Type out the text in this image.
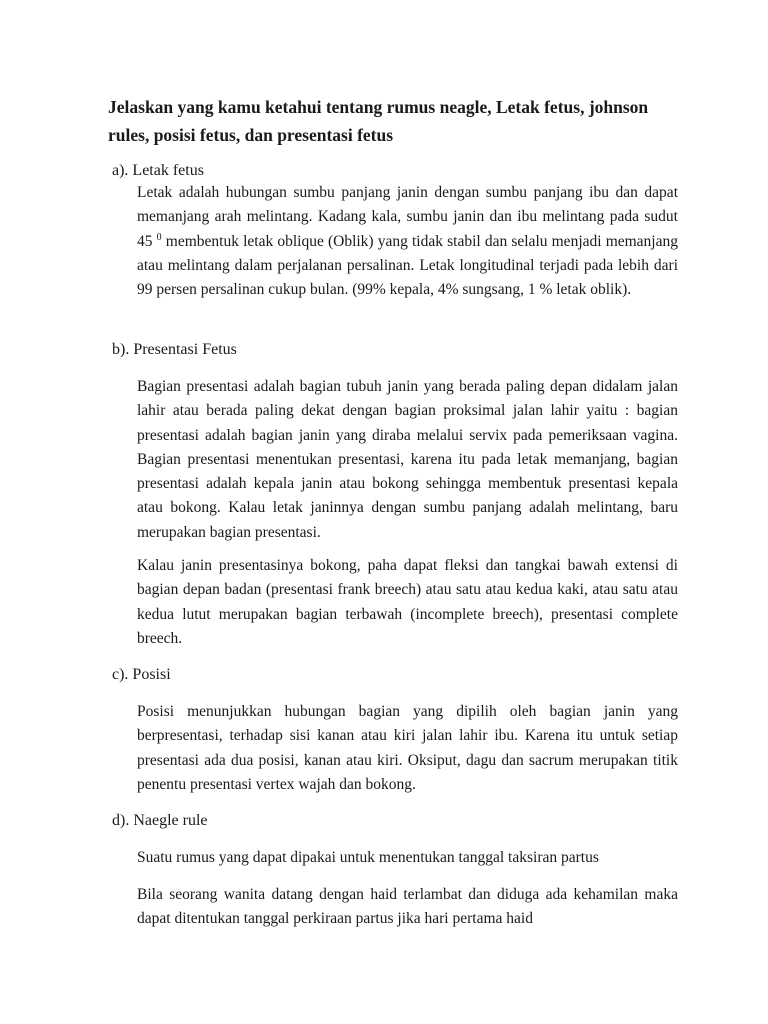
Jelaskan yang kamu ketahui tentang rumus neagle, Letak fetus, johnson rules, posisi fetus, dan presentasi fetus
a). Letak fetus

Letak adalah hubungan sumbu panjang janin dengan sumbu panjang ibu dan dapat memanjang arah melintang. Kadang kala, sumbu janin dan ibu melintang pada sudut 45 $^0$ membentuk letak oblique (Oblik) yang tidak stabil dan selalu menjadi memanjang atau melintang dalam perjalanan persalinan. Letak longitudinal terjadi pada lebih dari 99 persen persalinan cukup bulan. (99% kepala, 4% sungsang, 1 % letak oblik).

b). Presentasi Fetus

Bagian presentasi adalah bagian tubuh janin yang berada paling depan didalam jalan lahir atau berada paling dekat dengan bagian proksimal jalan lahir yaitu : bagian presentasi adalah bagian janin yang diraba melalui servix pada pemeriksaan vagina. Bagian presentasi menentukan presentasi, karena itu pada letak memanjang, bagian presentasi adalah kepala janin atau bokong sehingga membentuk presentasi kepala atau bokong. Kalau letak janinnya dengan sumbu panjang adalah melintang, baru merupakan bagian presentasi.

Kalau janin presentasinya bokong, paha dapat fleksi dan tangkai bawah extensi di bagian depan badan (presentasi frank breech) atau satu atau kedua kaki, atau satu atau kedua lutut merupakan bagian terbawah (incomplete breech), presentasi complete breech.

c). Posisi

Posisi menunjukkan hubungan bagian yang dipilih oleh bagian janin yang berpresentasi, terhadap sisi kanan atau kiri jalan lahir ibu. Karena itu untuk setiap presentasi ada dua posisi, kanan atau kiri. Oksiput, dagu dan sacrum merupakan titik penentu presentasi vertex wajah dan bokong.

d). Naegle rule

Suatu rumus yang dapat dipakai untuk menentukan tanggal taksiran partus

Bila seorang wanita datang dengan haid terlambat dan diduga ada kehamilan maka dapat ditentukan tanggal perkiraan partus jika hari pertama haid
